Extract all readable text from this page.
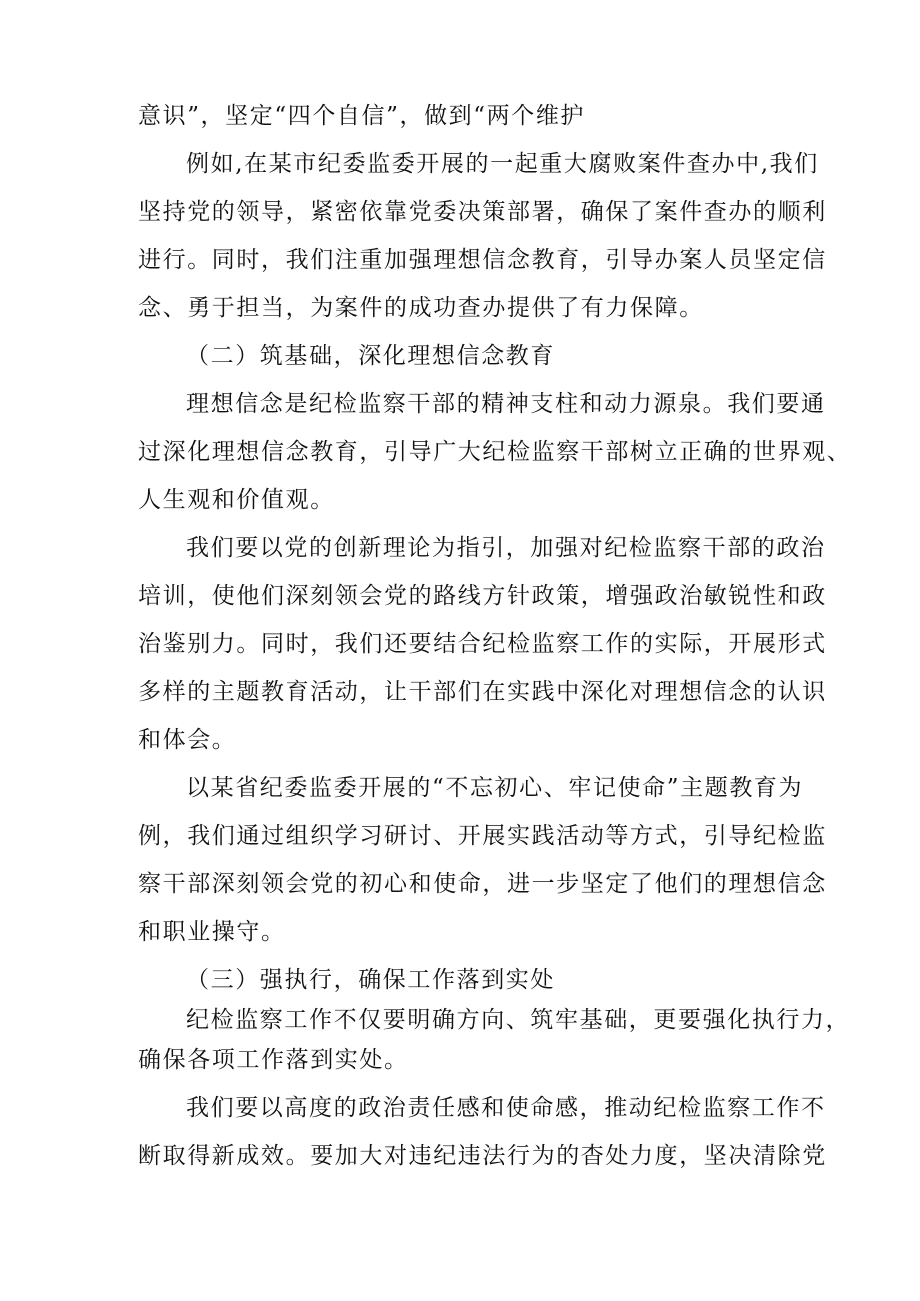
意识”，坚定“四个自信”，做到“两个维护
例如,在某市纪委监委开展的一起重大腐败案件查办中,我们
坚持党的领导，紧密依靠党委决策部署，确保了案件查办的顺利
进行。同时，我们注重加强理想信念教育，引导办案人员坚定信
念、勇于担当，为案件的成功查办提供了有力保障。
（二）筑基础，深化理想信念教育
理想信念是纪检监察干部的精神支柱和动力源泉。我们要通
过深化理想信念教育，引导广大纪检监察干部树立正确的世界观、
人生观和价值观。
我们要以党的创新理论为指引，加强对纪检监察干部的政治
培训，使他们深刻领会党的路线方针政策，增强政治敏锐性和政
治鉴别力。同时，我们还要结合纪检监察工作的实际，开展形式
多样的主题教育活动，让干部们在实践中深化对理想信念的认识
和体会。
以某省纪委监委开展的“不忘初心、牢记使命”主题教育为
例，我们通过组织学习研讨、开展实践活动等方式，引导纪检监
察干部深刻领会党的初心和使命，进一步坚定了他们的理想信念
和职业操守。
（三）强执行，确保工作落到实处
纪检监察工作不仅要明确方向、筑牢基础，更要强化执行力，
确保各项工作落到实处。
我们要以高度的政治责任感和使命感，推动纪检监察工作不
断取得新成效。要加大对违纪违法行为的杳处力度，坚决清除党
